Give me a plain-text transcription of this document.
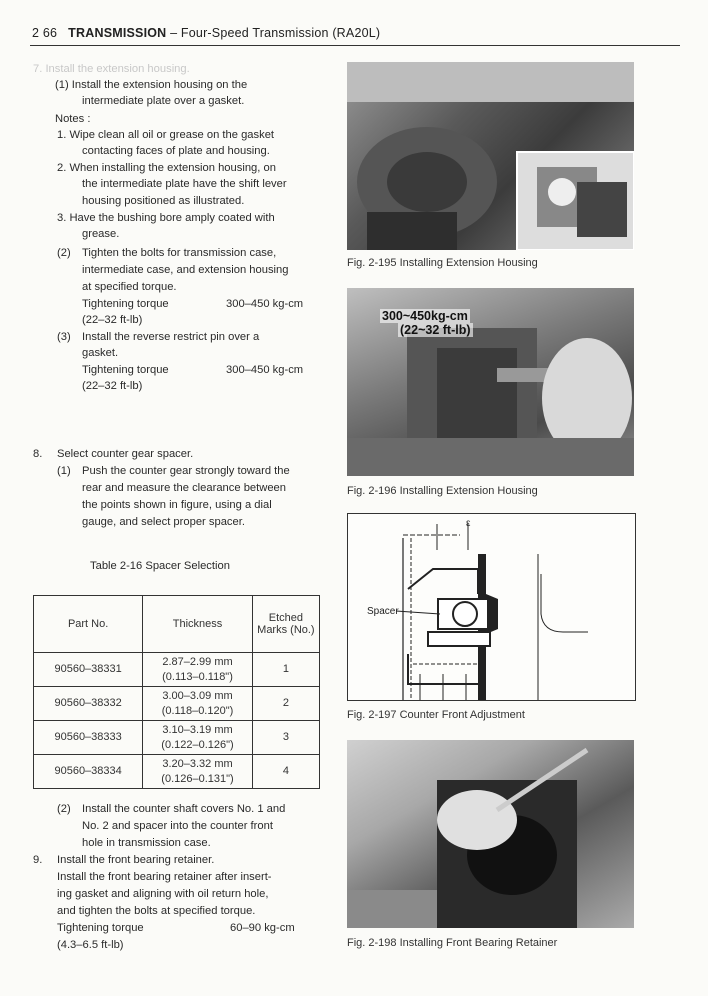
2 66 TRANSMISSION – Four-Speed Transmission (RA20L)
7. Install the extension housing.
(1) Install the extension housing on the
intermediate plate over a gasket.
Notes :
1. Wipe clean all oil or grease on the gasket
contacting faces of plate and housing.
2. When installing the extension housing, on
the intermediate plate have the shift lever
housing positioned as illustrated.
3. Have the bushing bore amply coated with
grease.
(2) Tighten the bolts for transmission case,
intermediate case, and extension housing
at specified torque.
Tightening torque	300–450 kg-cm
(22–32 ft-lb)
(3) Install the reverse restrict pin over a
gasket.
Tightening torque	300–450 kg-cm
(22–32 ft-lb)
8. Select counter gear spacer.
(1) Push the counter gear strongly toward the
rear and measure the clearance between
the points shown in figure, using a dial
gauge, and select proper spacer.
Table 2-16 Spacer Selection
Part No.	Thickness	Etched Marks (No.)
90560–38331	2.87–2.99 mm
(0.113–0.118")	1
90560–38332	3.00–3.09 mm
(0.118–0.120")	2
90560–38333	3.10–3.19 mm
(0.122–0.126")	3
90560–38334	3.20–3.32 mm
(0.126–0.131")	4
(2) Install the counter shaft covers No. 1 and
No. 2 and spacer into the counter front
hole in transmission case.
9. Install the front bearing retainer.
Install the front bearing retainer after insert-
ing gasket and aligning with oil return hole,
and tighten the bolts at specified torque.
Tightening torque	60–90 kg-cm
(4.3–6.5 ft-lb)
Fig. 2-195 Installing Extension Housing
300~450kg-cm
(22~32 ft-lb)
Fig. 2-196 Installing Extension Housing
Spacer
ε
Fig. 2-197 Counter Front Adjustment
Fig. 2-198 Installing Front Bearing Retainer
